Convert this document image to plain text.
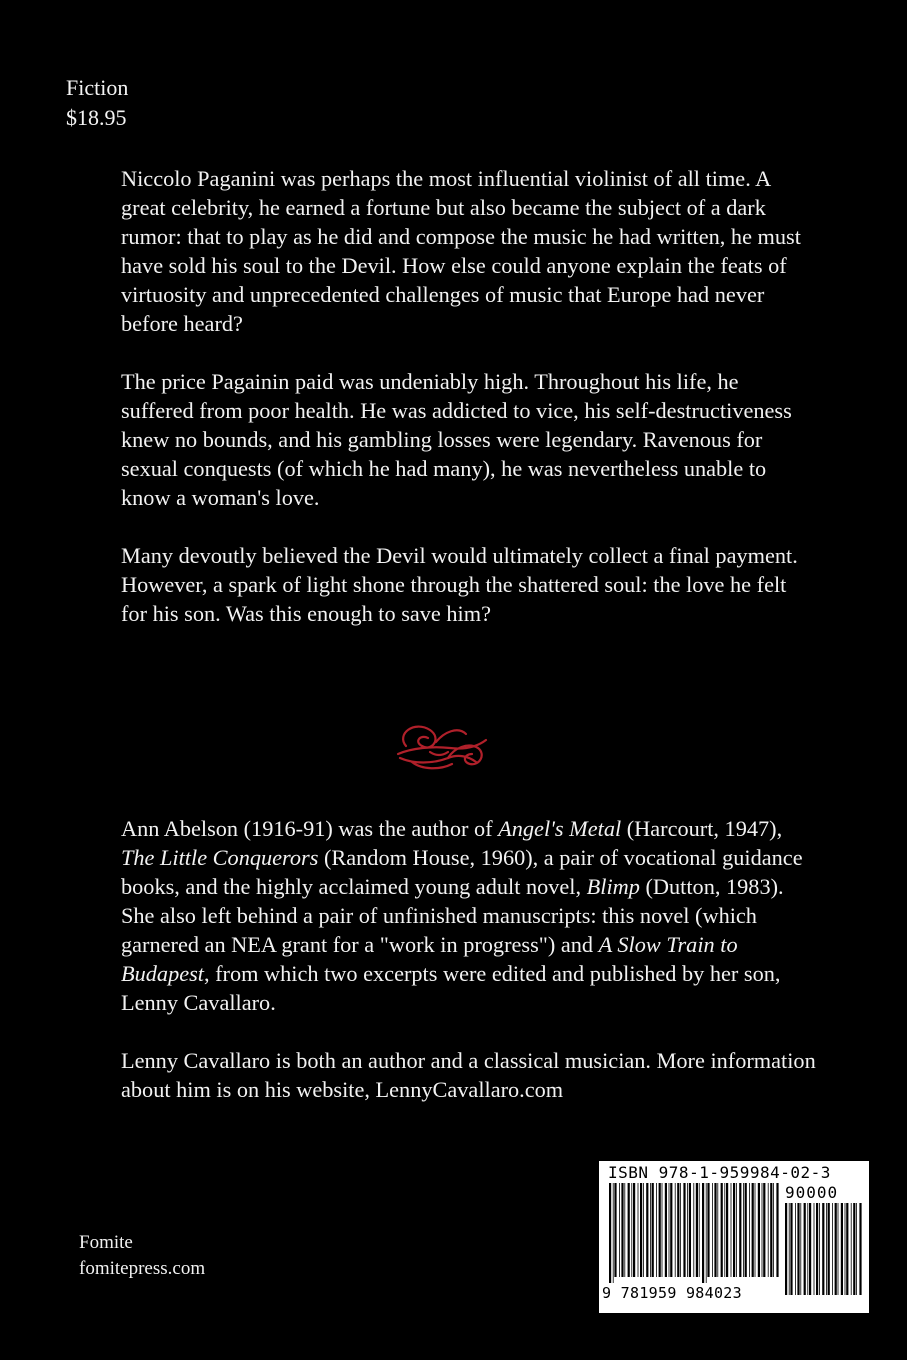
Fiction
$18.95

Niccolo Paganini was perhaps the most influential violinist of all time. A great celebrity, he earned a fortune but also became the subject of a dark rumor: that to play as he did and compose the music he had written, he must have sold his soul to the Devil. How else could anyone explain the feats of virtuosity and unprecedented challenges of music that Europe had never before heard?

The price Pagainin paid was undeniably high. Throughout his life, he suffered from poor health. He was addicted to vice, his self-destructiveness knew no bounds, and his gambling losses were legendary. Ravenous for sexual conquests (of which he had many), he was nevertheless unable to know a woman's love.

Many devoutly believed the Devil would ultimately collect a final payment. However, a spark of light shone through the shattered soul: the love he felt for his son. Was this enough to save him?

Ann Abelson (1916-91) was the author of Angel's Metal (Harcourt, 1947), The Little Conquerors (Random House, 1960), a pair of vocational guidance books, and the highly acclaimed young adult novel, Blimp (Dutton, 1983). She also left behind a pair of unfinished manuscripts: this novel (which garnered an NEA grant for a "work in progress") and A Slow Train to Budapest, from which two excerpts were edited and published by her son, Lenny Cavallaro.

Lenny Cavallaro is both an author and a classical musician. More information about him is on his website, LennyCavallaro.com

Fomite
fomitepress.com
ISBN 978-1-959984-02-3
90000
9 781959 984023
